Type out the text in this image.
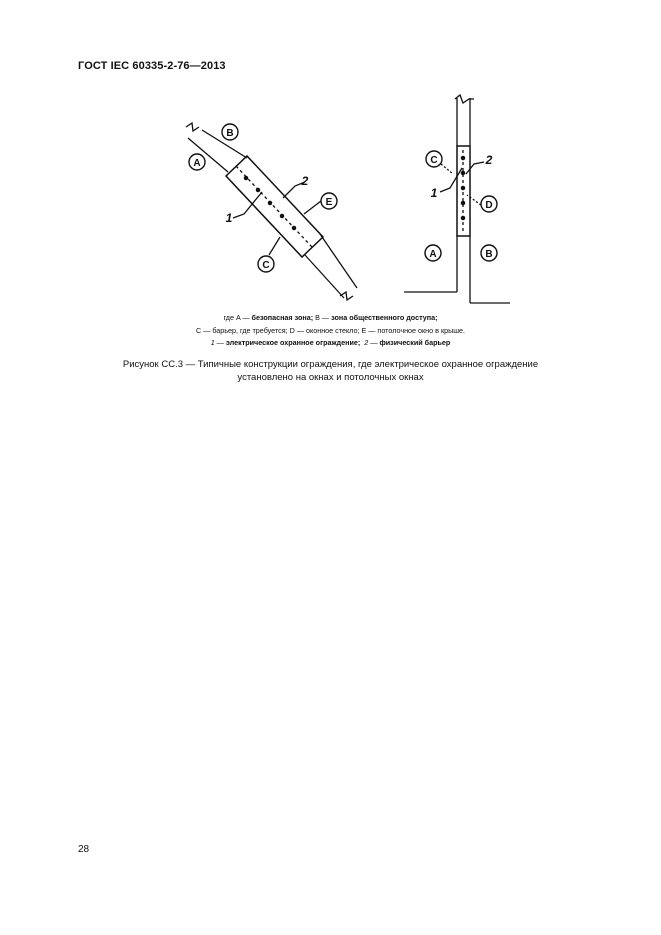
ГОСТ IEC 60335-2-76—2013
B
A
E
C
1
2
C
D
A	B
1
2
где A — безопасная зона; B — зона общественного доступа;
C — барьер, где требуется; D — оконное стекло; E — потолочное окно в крыше.
1 — электрическое охранное ограждение; 2 — физический барьер
Рисунок CC.3 — Типичные конструкции ограждения, где электрическое охранное ограждение
установлено на окнах и потолочных окнах
28
